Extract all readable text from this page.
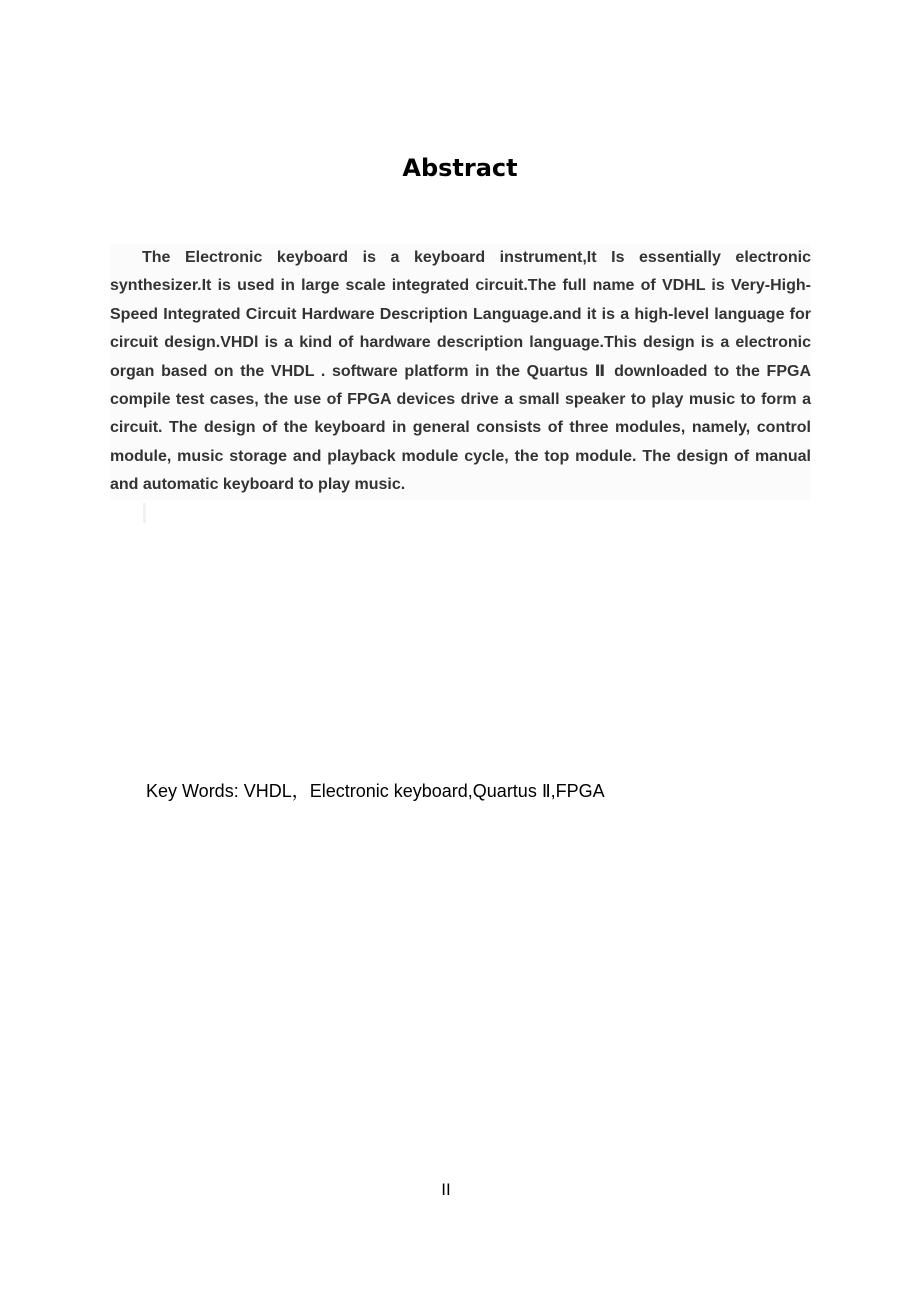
Abstract

The Electronic keyboard is a keyboard instrument,It Is essentially electronic synthesizer.It is used in large scale integrated circuit.The full name of VDHL is Very-High-Speed Integrated Circuit Hardware Description Language.and it is a high-level language for circuit design.VHDl is a kind of hardware description language.This design is a electronic organ based on the VHDL . software platform in the Quartus Ⅱ downloaded to the FPGA compile test cases, the use of FPGA devices drive a small speaker to play music to form a circuit. The design of the keyboard in general consists of three modules, namely, control module, music storage and playback module cycle, the top module. The design of manual and automatic keyboard to play music.

Key Words: VHDL，Electronic keyboard,Quartus Ⅱ,FPGA
II
